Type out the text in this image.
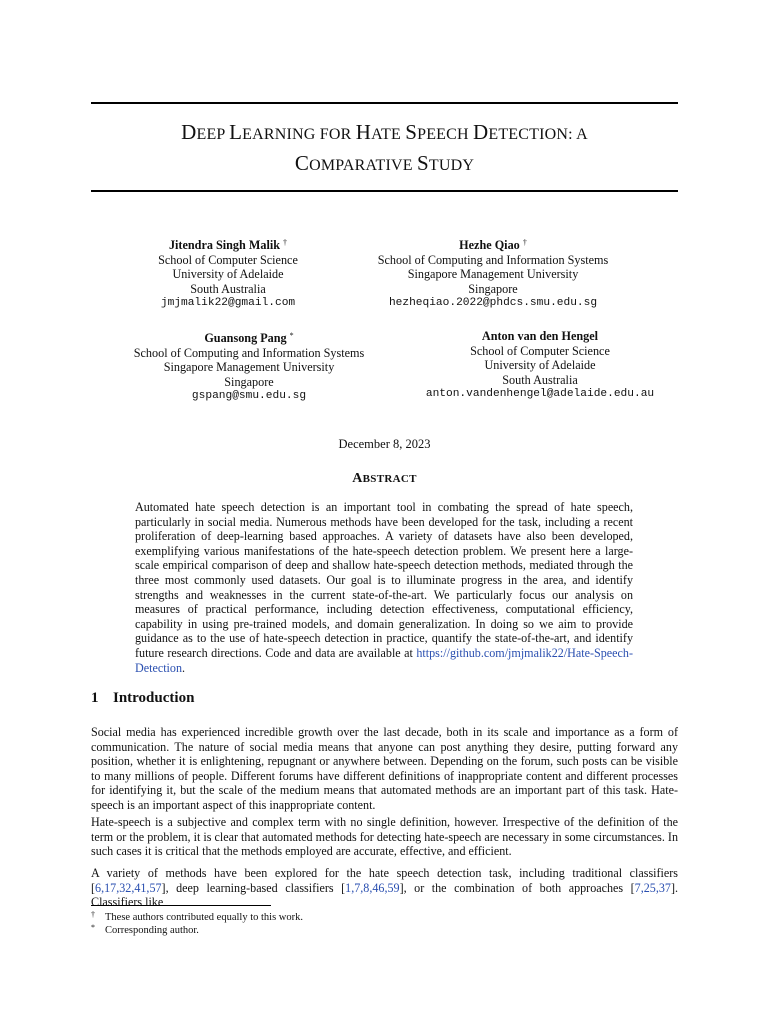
DEEP LEARNING FOR HATE SPEECH DETECTION: A
COMPARATIVE STUDY
Jitendra Singh Malik †
School of Computer Science
University of Adelaide
South Australia
jmjmalik22@gmail.com
Hezhe Qiao †
School of Computing and Information Systems
Singapore Management University
Singapore
hezheqiao.2022@phdcs.smu.edu.sg
Guansong Pang *
School of Computing and Information Systems
Singapore Management University
Singapore
gspang@smu.edu.sg
Anton van den Hengel
School of Computer Science
University of Adelaide
South Australia
anton.vandenhengel@adelaide.edu.au
December 8, 2023
ABSTRACT
Automated hate speech detection is an important tool in combating the spread of hate speech, particularly in social media. Numerous methods have been developed for the task, including a recent proliferation of deep-learning based approaches. A variety of datasets have also been developed, exemplifying various manifestations of the hate-speech detection problem. We present here a large-scale empirical comparison of deep and shallow hate-speech detection methods, mediated through the three most commonly used datasets. Our goal is to illuminate progress in the area, and identify strengths and weaknesses in the current state-of-the-art. We particularly focus our analysis on measures of practical performance, including detection effectiveness, computational efficiency, capability in using pre-trained models, and domain generalization. In doing so we aim to provide guidance as to the use of hate-speech detection in practice, quantify the state-of-the-art, and identify future research directions. Code and data are available at https://github.com/jmjmalik22/Hate-Speech-Detection.
1 Introduction

Social media has experienced incredible growth over the last decade, both in its scale and importance as a form of communication. The nature of social media means that anyone can post anything they desire, putting forward any position, whether it is enlightening, repugnant or anywhere between. Depending on the forum, such posts can be visible to many millions of people. Different forums have different definitions of inappropriate content and different processes for identifying it, but the scale of the medium means that automated methods are an important part of this task. Hate-speech is an important aspect of this inappropriate content.

Hate-speech is a subjective and complex term with no single definition, however. Irrespective of the definition of the term or the problem, it is clear that automated methods for detecting hate-speech are necessary in some circumstances. In such cases it is critical that the methods employed are accurate, effective, and efficient.

A variety of methods have been explored for the hate speech detection task, including traditional classifiers [6,17,32,41,57], deep learning-based classifiers [1,7,8,46,59], or the combination of both approaches [7,25,37]. Classifiers like

† These authors contributed equally to this work.
* Corresponding author.
